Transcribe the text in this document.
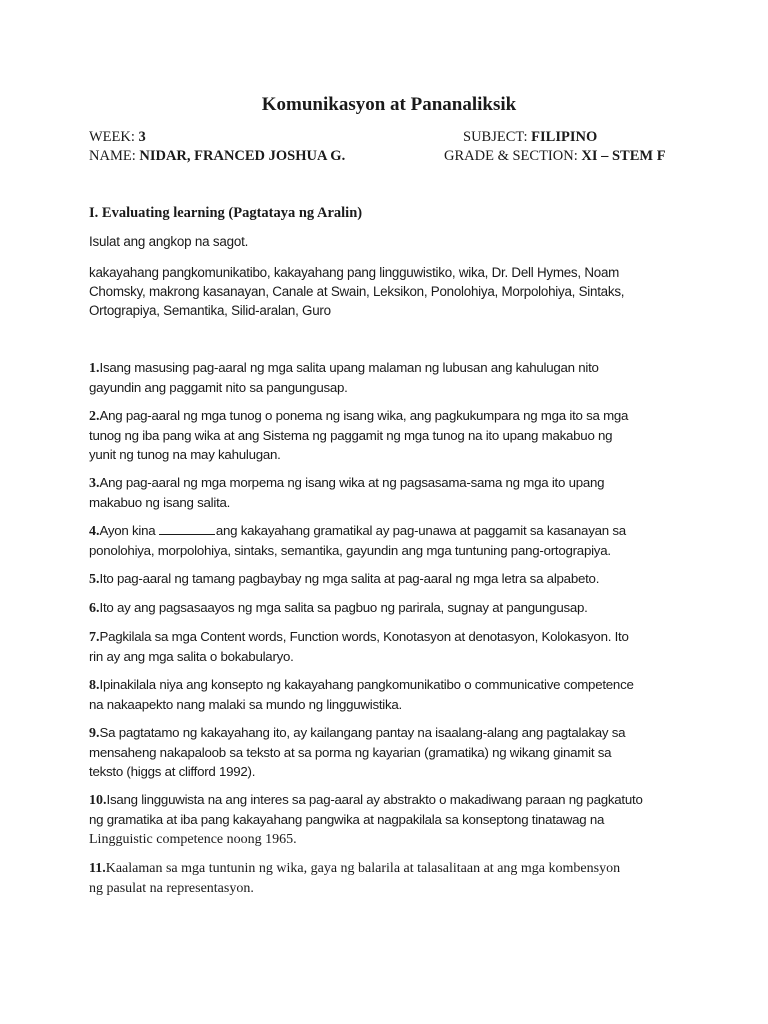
Komunikasyon at Pananaliksik
WEEK: 3	SUBJECT: FILIPINO
NAME: NIDAR, FRANCED JOSHUA G.	GRADE & SECTION: XI – STEM F
I. Evaluating learning (Pagtataya ng Aralin)
Isulat ang angkop na sagot.
kakayahang pangkomunikatibo, kakayahang pang lingguwistiko, wika, Dr. Dell Hymes, Noam
Chomsky, makrong kasanayan, Canale at Swain, Leksikon, Ponolohiya, Morpolohiya, Sintaks,
Ortograpiya, Semantika, Silid-aralan, Guro
1.Isang masusing pag-aaral ng mga salita upang malaman ng lubusan ang kahulugan nito
gayundin ang paggamit nito sa pangungusap.
2.Ang pag-aaral ng mga tunog o ponema ng isang wika, ang pagkukumpara ng mga ito sa mga
tunog ng iba pang wika at ang Sistema ng paggamit ng mga tunog na ito upang makabuo ng
yunit ng tunog na may kahulugan.
3.Ang pag-aaral ng mga morpema ng isang wika at ng pagsasama-sama ng mga ito upang
makabuo ng isang salita.
4.Ayon kina	ang kakayahang gramatikal ay pag-unawa at paggamit sa kasanayan sa
ponolohiya, morpolohiya, sintaks, semantika, gayundin ang mga tuntuning pang-ortograpiya.
5.Ito pag-aaral ng tamang pagbaybay ng mga salita at pag-aaral ng mga letra sa alpabeto.
6.Ito ay ang pagsasaayos ng mga salita sa pagbuo ng parirala, sugnay at pangungusap.
7.Pagkilala sa mga Content words, Function words, Konotasyon at denotasyon, Kolokasyon. Ito
rin ay ang mga salita o bokabularyo.
8.Ipinakilala niya ang konsepto ng kakayahang pangkomunikatibo o communicative competence
na nakaapekto nang malaki sa mundo ng lingguwistika.
9.Sa pagtatamo ng kakayahang ito, ay kailangang pantay na isaalang-alang ang pagtalakay sa
mensaheng nakapaloob sa teksto at sa porma ng kayarian (gramatika) ng wikang ginamit sa
teksto (higgs at clifford 1992).
10.Isang lingguwista na ang interes sa pag-aaral ay abstrakto o makadiwang paraan ng pagkatuto
ng gramatika at iba pang kakayahang pangwika at nagpakilala sa konseptong tinatawag na
Lingguistic competence noong 1965.
11.Kaalaman sa mga tuntunin ng wika, gaya ng balarila at talasalitaan at ang mga kombensyon
ng pasulat na representasyon.
